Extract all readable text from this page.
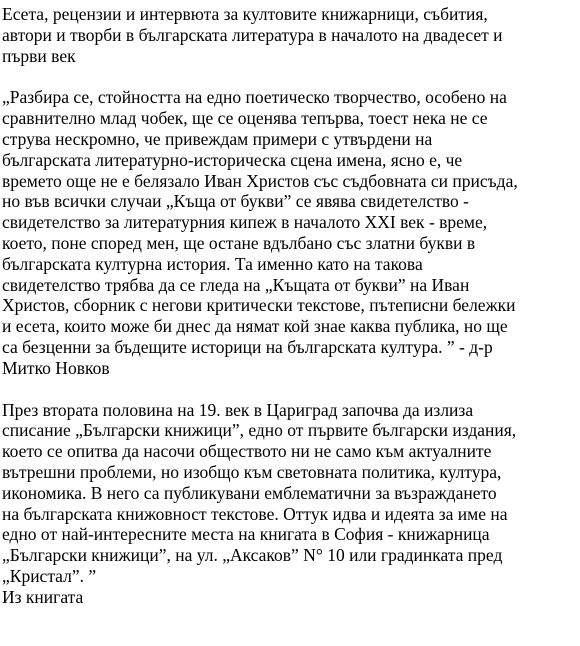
Есета, рецензии и интервюта за култовите книжарници, събития,
автори и творби в българската литература в началото на двадесет и
първи век

„Разбира се, стойността на едно поетическо творчество, особено на
сравнително млад чобек, ще се оценява тепърва, тоест нека не се
струва нескромно, че привеждам примери с утвърдени на
българската литературно-историческа сцена имена, ясно е, че
времето още не е белязало Иван Христов със съдбовната си присъда,
но във всички случаи „Къща от букви” се явява свидетелство -
свидетелство за литературния кипеж в началото XXI век - време,
което, поне според мен, ще остане вдълбано със златни букви в
българската културна история. Та именно като на такова
свидетелство трябва да се гледа на „Къщата от букви” на Иван
Христов, сборник с негови критически текстове, пътеписни бележки
и есета, които може би днес да нямат кой знае каква публика, но ще
са безценни за бъдещите историци на българската култура. ” - д-р
Митко Новков

През втората половина на 19. век в Цариград започва да излиза
списание „Български книжици”, едно от първите български издания,
което се опитва да насочи обществото ни не само към актуалните
вътрешни проблеми, но изобщо към световната политика, култура,
икономика. В него са публикувани емблематични за възраждането
на българската книжовност текстове. Оттук идва и идеята за име на
едно от най-интересните места на книгата в София - книжарница
„Български книжици”, на ул. „Аксаков” N° 10 или градинката пред
„Кристал”. ”
Из книгата
